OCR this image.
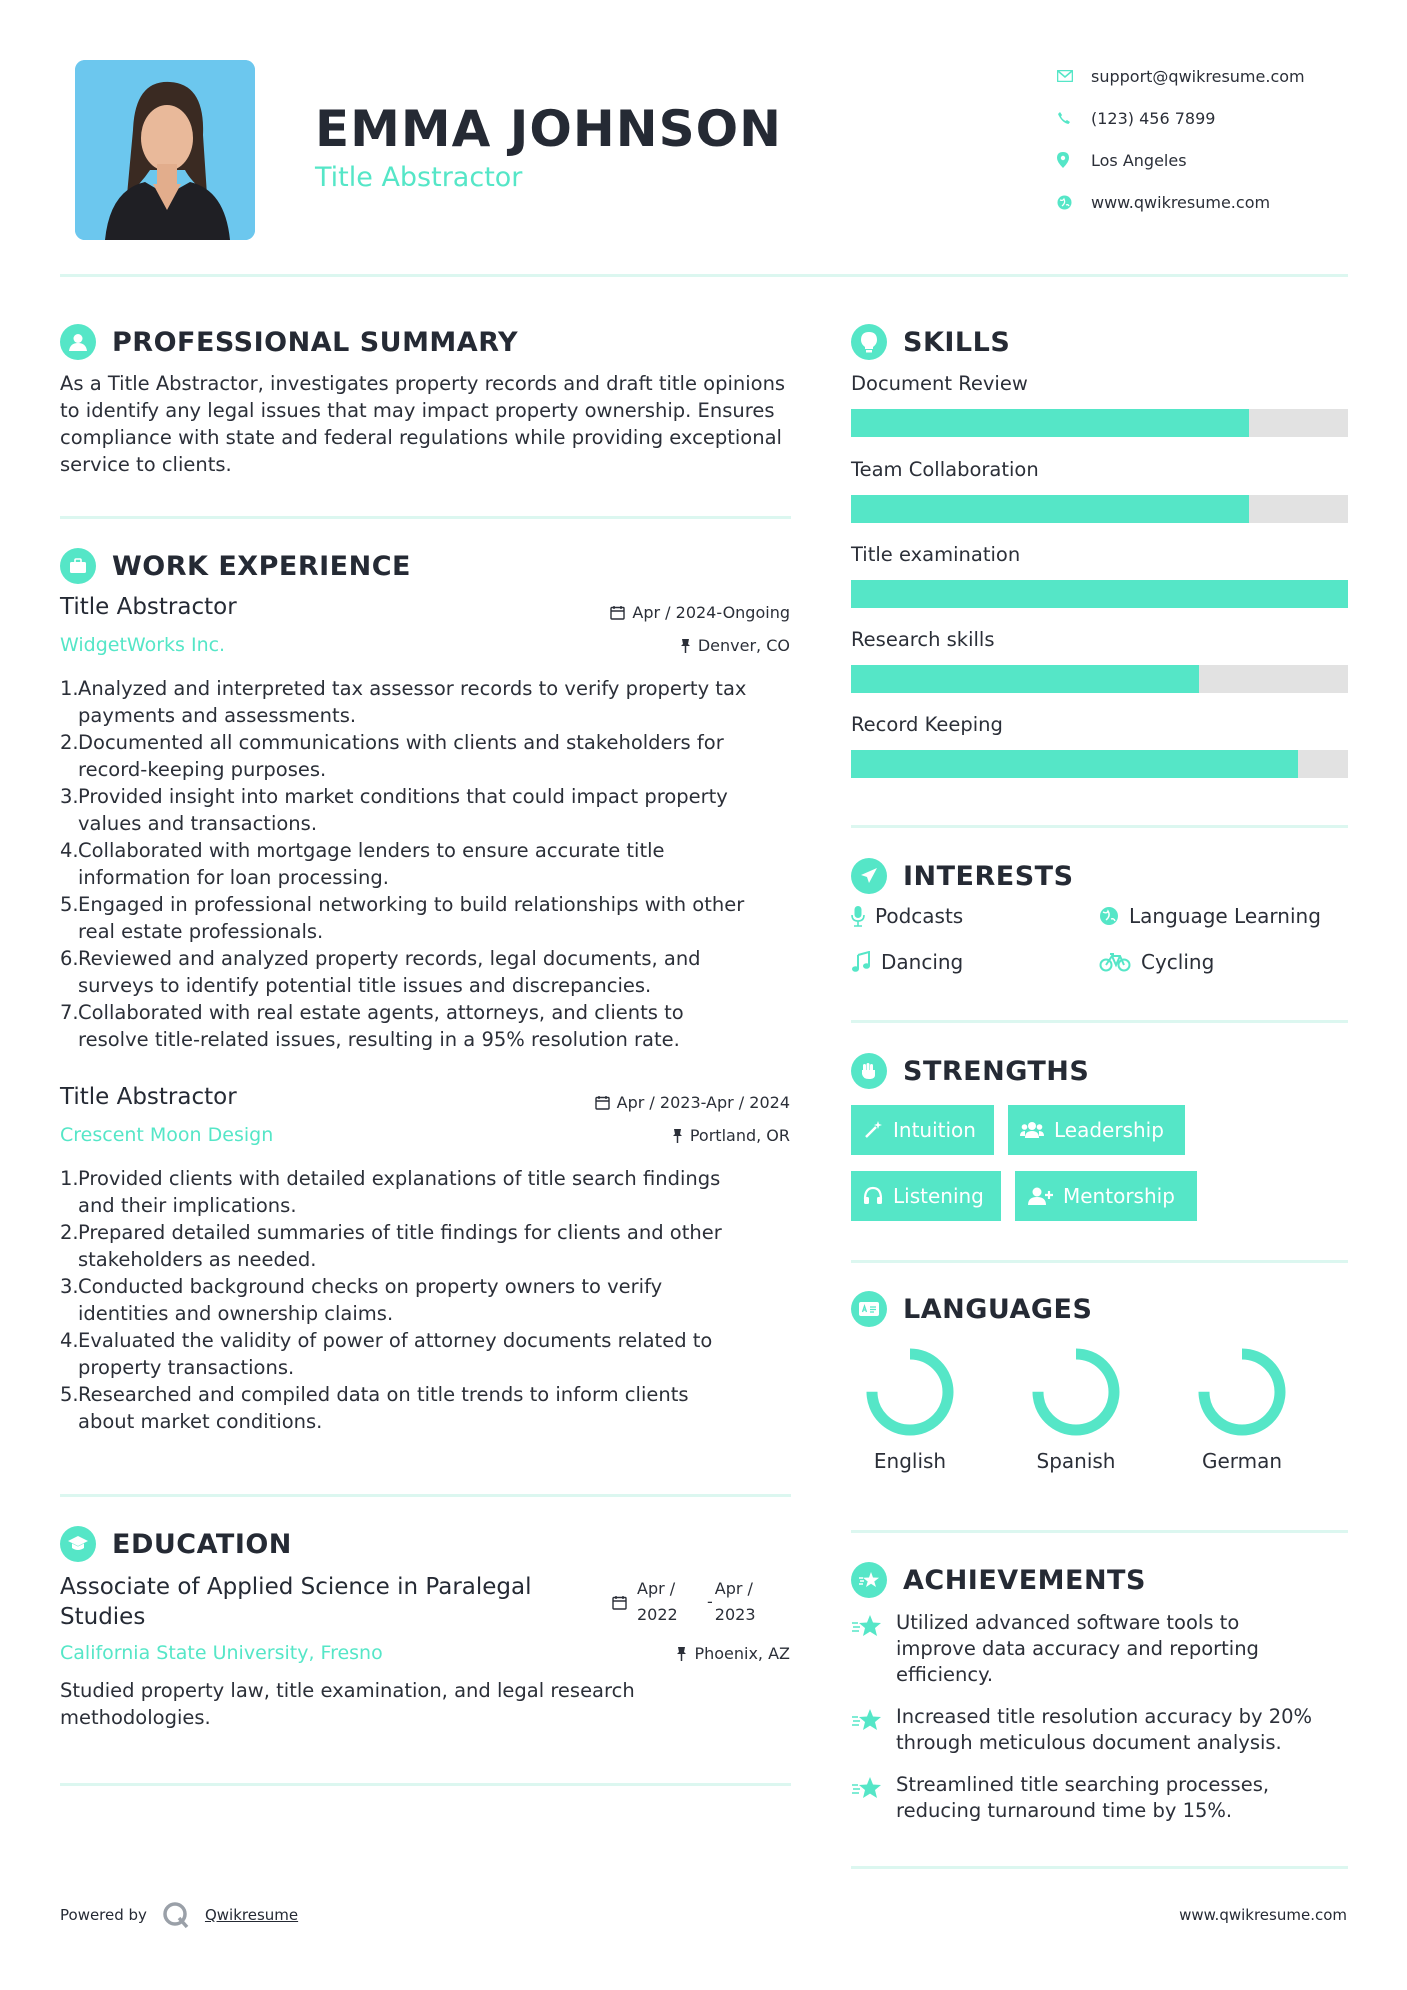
EMMA JOHNSON
Title Abstractor
support@qwikresume.com
(123) 456 7899
Los Angeles
www.qwikresume.com
PROFESSIONAL SUMMARY
As a Title Abstractor, investigates property records and draft title opinions to identify any legal issues that may impact property ownership. Ensures compliance with state and federal regulations while providing exceptional service to clients.
WORK EXPERIENCE
Title Abstractor	Apr / 2024-Ongoing
WidgetWorks Inc.	Denver, CO
1. Analyzed and interpreted tax assessor records to verify property tax
payments and assessments.
2. Documented all communications with clients and stakeholders for
record-keeping purposes.
3. Provided insight into market conditions that could impact property
values and transactions.
4. Collaborated with mortgage lenders to ensure accurate title
information for loan processing.
5. Engaged in professional networking to build relationships with other
real estate professionals.
6. Reviewed and analyzed property records, legal documents, and
surveys to identify potential title issues and discrepancies.
7. Collaborated with real estate agents, attorneys, and clients to
resolve title-related issues, resulting in a 95% resolution rate.
Title Abstractor	Apr / 2023-Apr / 2024
Crescent Moon Design	Portland, OR
1. Provided clients with detailed explanations of title search findings
and their implications.
2. Prepared detailed summaries of title findings for clients and other
stakeholders as needed.
3. Conducted background checks on property owners to verify
identities and ownership claims.
4. Evaluated the validity of power of attorney documents related to
property transactions.
5. Researched and compiled data on title trends to inform clients
about market conditions.
EDUCATION
Associate of Applied Science in Paralegal
Studies
Apr /
2022
-
Apr /
2023
California State University, Fresno	Phoenix, AZ
Studied property law, title examination, and legal research methodologies.
SKILLS
Document Review
Team Collaboration
Title examination
Research skills
Record Keeping
INTERESTS
Podcasts	Language Learning
Dancing	Cycling
STRENGTHS
Intuition	Leadership
Listening	Mentorship
LANGUAGES
English	Spanish	German
ACHIEVEMENTS
Utilized advanced software tools to
improve data accuracy and reporting
efficiency.
Increased title resolution accuracy by 20%
through meticulous document analysis.
Streamlined title searching processes,
reducing turnaround time by 15%.
Powered by	Qwikresume	www.qwikresume.com
